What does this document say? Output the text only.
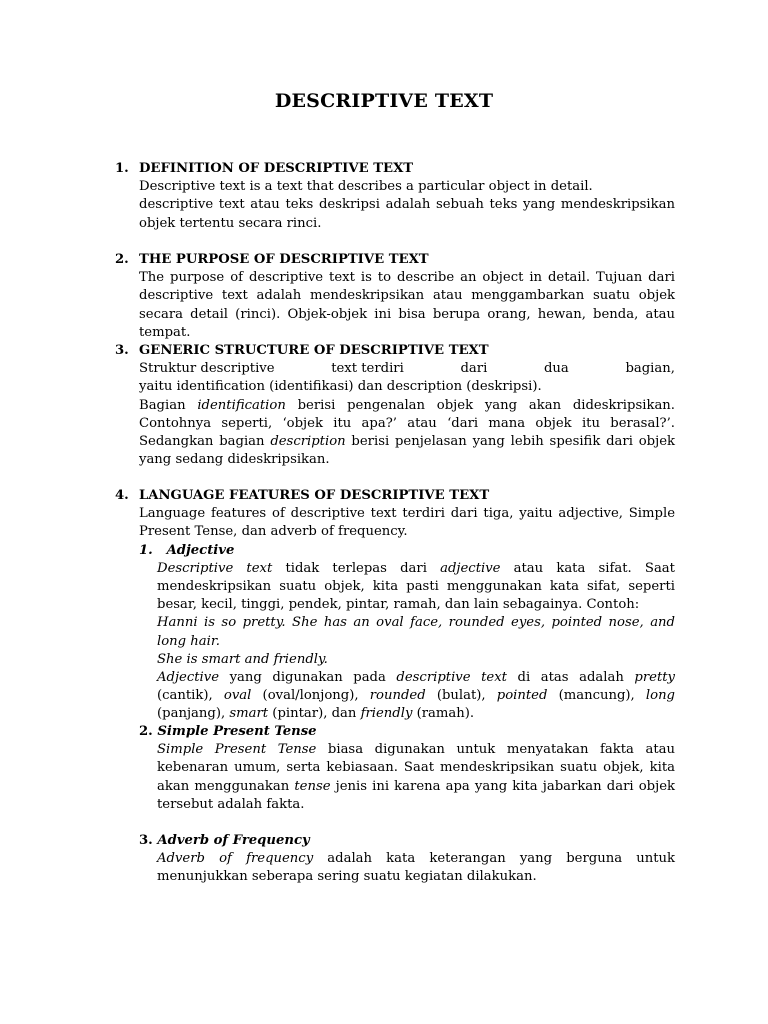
DESCRIPTIVE TEXT
1. DEFINITION OF DESCRIPTIVE TEXT

Descriptive text is a text that describes a particular object in detail.

descriptive text atau teks deskripsi adalah sebuah teks yang mendeskripsikan objek tertentu secara rinci.

2. THE PURPOSE OF DESCRIPTIVE TEXT

The purpose of descriptive text is to describe an object in detail. Tujuan dari descriptive text adalah mendeskripsikan atau menggambarkan suatu objek secara detail (rinci). Objek-objek ini bisa berupa orang, hewan, benda, atau tempat.

3. GENERIC STRUCTURE OF DESCRIPTIVE TEXT
Struktur descriptive	text terdiri	dari	dua	bagian,

yaitu identification (identifikasi) dan description (deskripsi).

Bagian identification berisi pengenalan objek yang akan dideskripsikan. Contohnya seperti, ‘objek itu apa?’ atau ‘dari mana objek itu berasal?’. Sedangkan bagian description berisi penjelasan yang lebih spesifik dari objek yang sedang dideskripsikan.

4. LANGUAGE FEATURES OF DESCRIPTIVE TEXT

Language features of descriptive text terdiri dari tiga, yaitu adjective, Simple Present Tense, dan adverb of frequency.

1. Adjective

Descriptive text tidak terlepas dari adjective atau kata sifat. Saat mendeskripsikan suatu objek, kita pasti menggunakan kata sifat, seperti besar, kecil, tinggi, pendek, pintar, ramah, dan lain sebagainya. Contoh:

Hanni is so pretty. She has an oval face, rounded eyes, pointed nose, and long hair.

She is smart and friendly.

Adjective yang digunakan pada descriptive text di atas adalah pretty (cantik), oval (oval/lonjong), rounded (bulat), pointed (mancung), long (panjang), smart (pintar), dan friendly (ramah).

2. Simple Present Tense

Simple Present Tense biasa digunakan untuk menyatakan fakta atau kebenaran umum, serta kebiasaan. Saat mendeskripsikan suatu objek, kita akan menggunakan tense jenis ini karena apa yang kita jabarkan dari objek tersebut adalah fakta.

3. Adverb of Frequency

Adverb of frequency adalah kata keterangan yang berguna untuk menunjukkan seberapa sering suatu kegiatan dilakukan.
